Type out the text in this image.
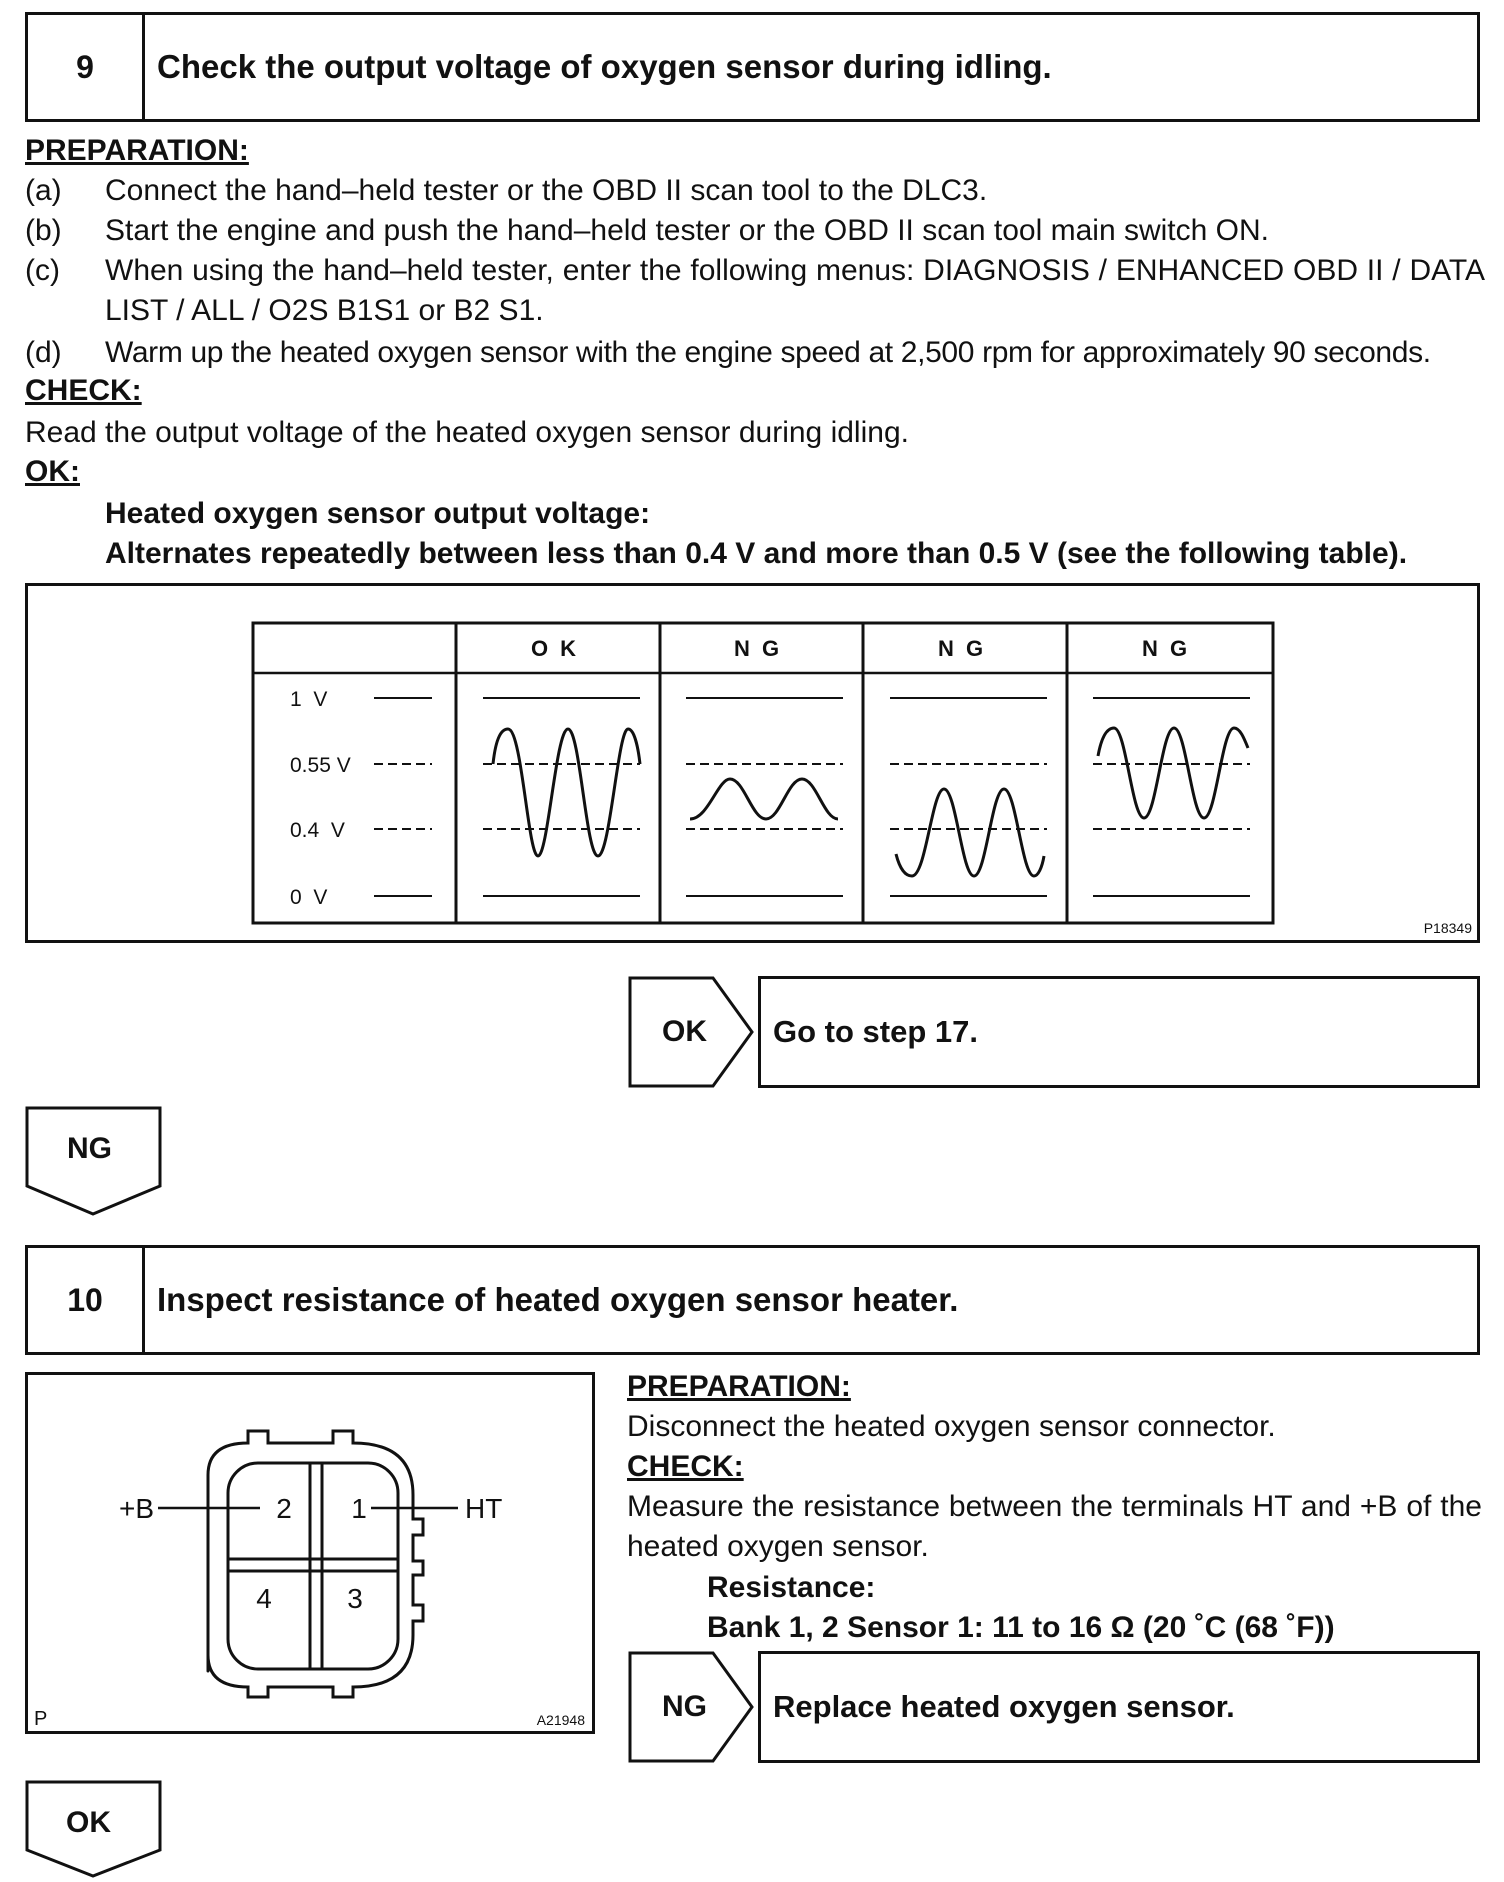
9	Check the output voltage of oxygen sensor during idling.
PREPARATION:
(a) Connect the hand–held tester or the OBD II scan tool to the DLC3.
(b) Start the engine and push the hand–held tester or the OBD II scan tool main switch ON.
(c) When using the hand–held tester, enter the following menus: DIAGNOSIS / ENHANCED OBD II / DATA LIST / ALL / O2S B1S1 or B2 S1.
(d) Warm up the heated oxygen sensor with the engine speed at 2,500 rpm for approximately 90 seconds.
CHECK:
Read the output voltage of the heated oxygen sensor during idling.
OK:
Heated oxygen sensor output voltage:
Alternates repeatedly between less than 0.4 V and more than 0.5 V (see the following table).
O K	N G	N G	N G
1  V
0.55 V
0.4  V
0  V
P18349
OK	Go to step 17.
NG
10	Inspect resistance of heated oxygen sensor heater.
2 1
4	3
+B	HT
P	A21948
PREPARATION:
Disconnect the heated oxygen sensor connector.
CHECK:
Measure the resistance between the terminals HT and +B of the heated oxygen sensor.
Resistance:
Bank 1, 2 Sensor 1: 11 to 16 Ω (20 ˚C (68 ˚F))
NG	Replace heated oxygen sensor.
OK
